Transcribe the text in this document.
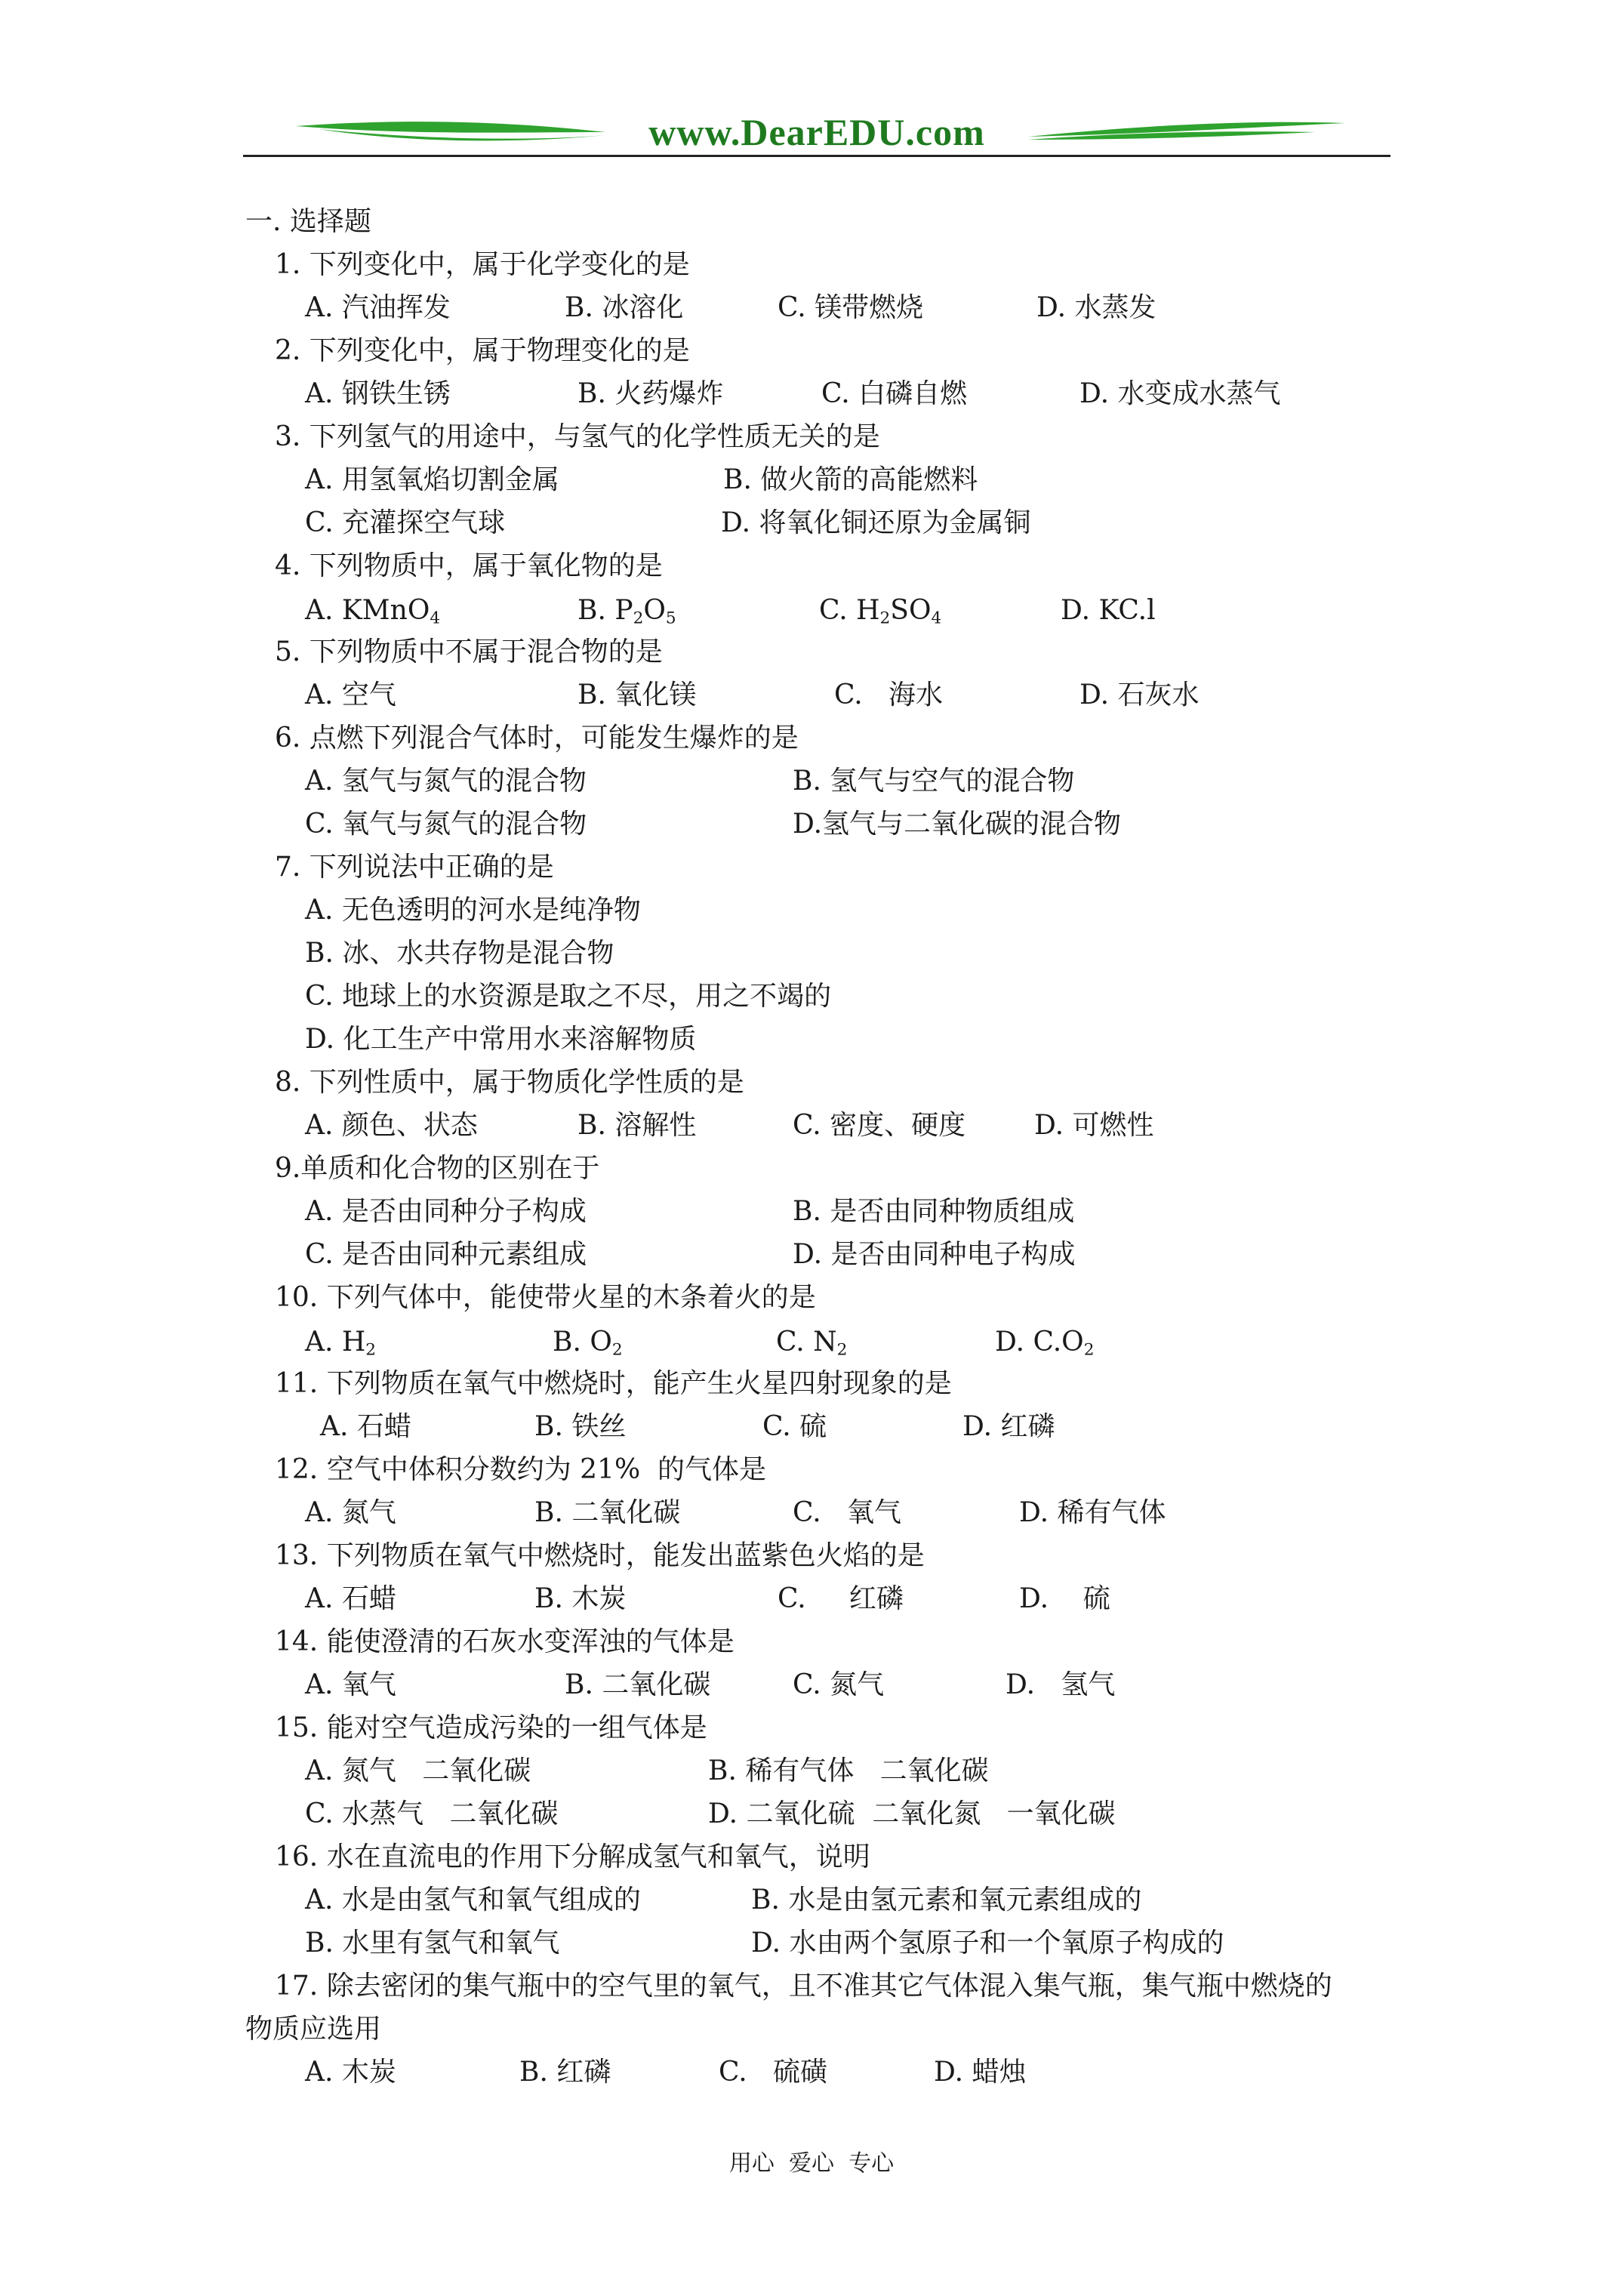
www.DearEDU.com
一. 选择题
1. 下列变化中，属于化学变化的是
A. 汽油挥发	B. 冰溶化	C. 镁带燃烧	D. 水蒸发
2. 下列变化中，属于物理变化的是
A. 钢铁生锈	B. 火药爆炸	C. 白磷自燃	D. 水变成水蒸气
3. 下列氢气的用途中，与氢气的化学性质无关的是
A. 用氢氧焰切割金属	B. 做火箭的高能燃料
C. 充灌探空气球	D. 将氧化铜还原为金属铜
4. 下列物质中，属于氧化物的是
A. KMnO$_4$	B. $P_2O_5$	C. $H_2SO_4$	D. KC.l
5. 下列物质中不属于混合物的是
A. 空气	B. 氧化镁	C.   海水	D. 石灰水
6. 点燃下列混合气体时，可能发生爆炸的是
A. 氢气与氮气的混合物	B. 氢气与空气的混合物
C. 氧气与氮气的混合物	D.氢气与二氧化碳的混合物
7. 下列说法中正确的是
A. 无色透明的河水是纯净物
B. 冰、水共存物是混合物
C. 地球上的水资源是取之不尽，用之不竭的
D. 化工生产中常用水来溶解物质
8. 下列性质中，属于物质化学性质的是
A. 颜色、状态	B. 溶解性	C. 密度、硬度	D. 可燃性
9.单质和化合物的区别在于
A. 是否由同种分子构成	B. 是否由同种物质组成
C. 是否由同种元素组成	D. 是否由同种电子构成
10. 下列气体中，能使带火星的木条着火的是
A. $H_2$	B. $O_2$	C. $N_2$	D. $C.O_2$
11. 下列物质在氧气中燃烧时，能产生火星四射现象的是
A. 石蜡	B. 铁丝	C. 硫	D. 红磷
12. 空气中体积分数约为 21%  的气体是
A. 氮气	B. 二氧化碳	C.   氧气	D. 稀有气体
13. 下列物质在氧气中燃烧时，能发出蓝紫色火焰的是
A. 石蜡	B. 木炭	C.     红磷	D.    硫
14. 能使澄清的石灰水变浑浊的气体是
A. 氧气	B. 二氧化碳	C. 氮气	D.   氢气
15. 能对空气造成污染的一组气体是
A. 氮气   二氧化碳	B. 稀有气体   二氧化碳
C. 水蒸气   二氧化碳	D. 二氧化硫  二氧化氮   一氧化碳
16. 水在直流电的作用下分解成氢气和氧气，说明
A. 水是由氢气和氧气组成的	B. 水是由氢元素和氧元素组成的
B. 水里有氢气和氧气	D. 水由两个氢原子和一个氧原子构成的
17. 除去密闭的集气瓶中的空气里的氧气，且不准其它气体混入集气瓶，集气瓶中燃烧的
物质应选用
A. 木炭	B. 红磷	C.   硫磺	D. 蜡烛
用心  爱心  专心
